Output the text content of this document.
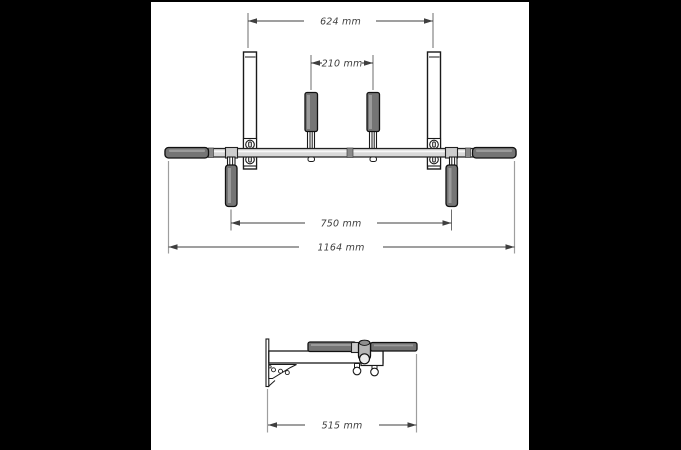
624 mm
210 mm
750 mm
1164 mm
515 mm
